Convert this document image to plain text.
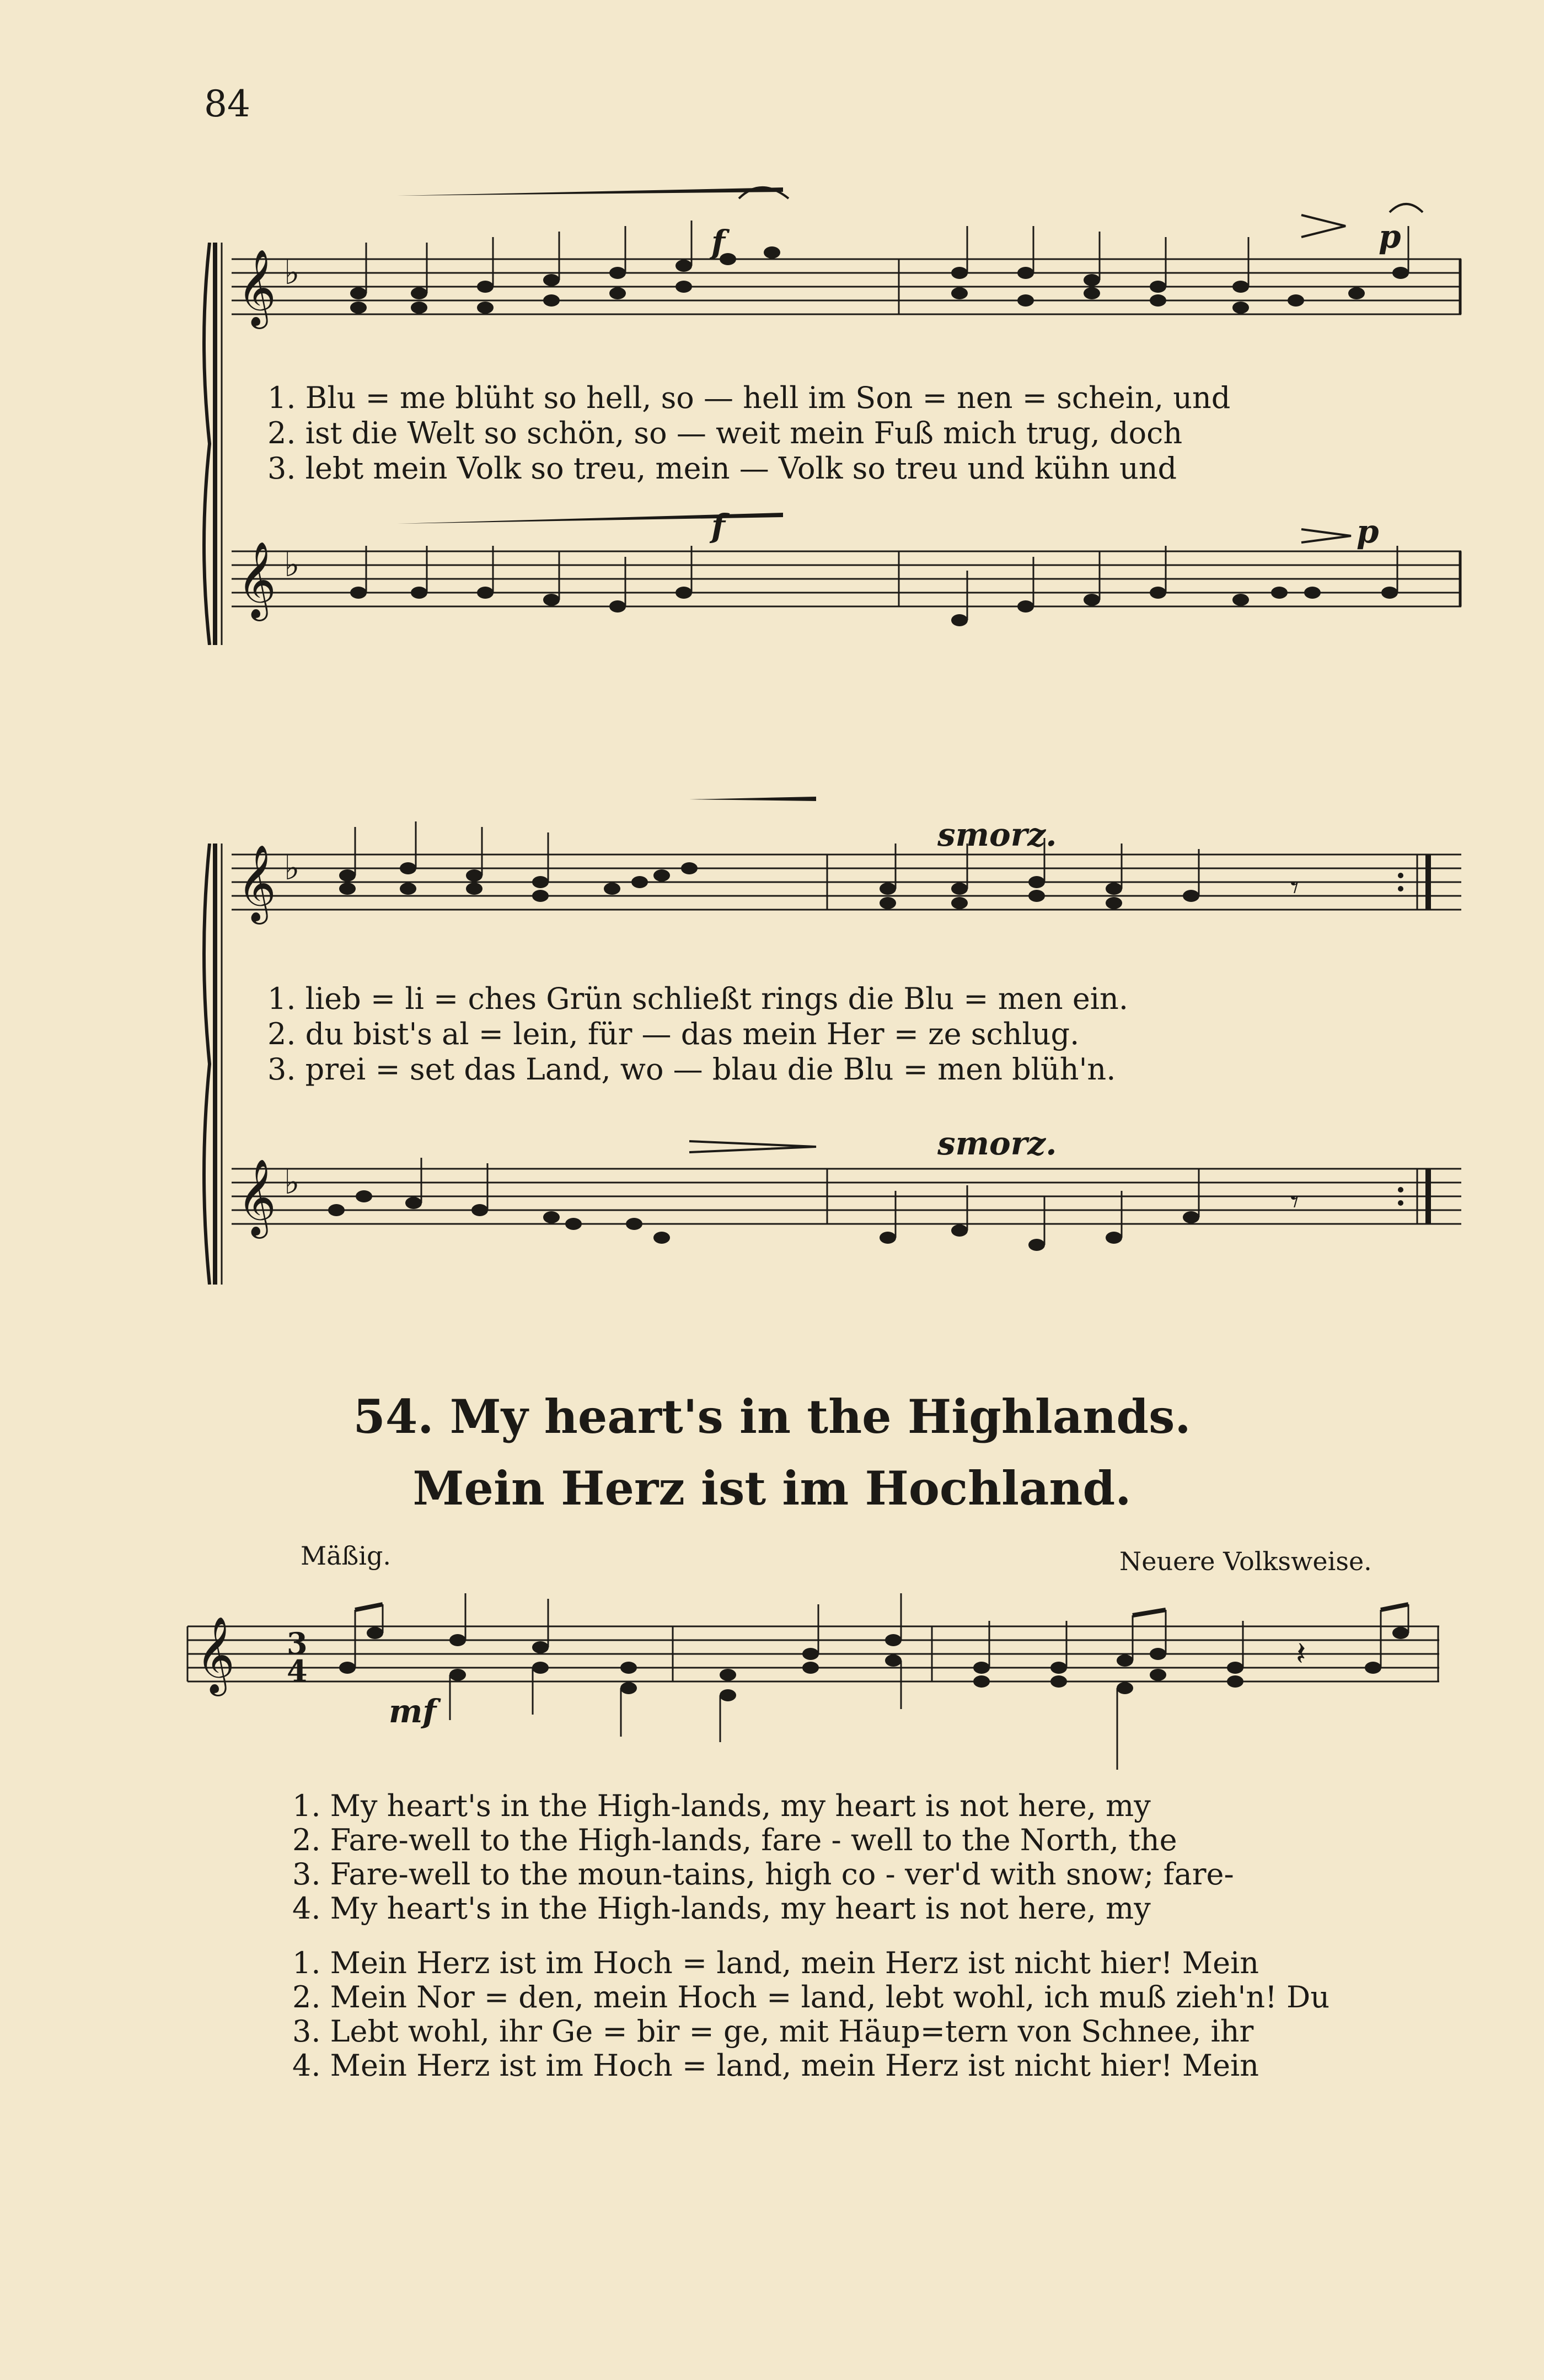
84
𝄞 ♭
f	p
1. Blu = me blüht so hell, so — hell im Son = nen = schein, und
2. ist die Welt so schön, so — weit mein Fuß mich trug, doch
3. lebt mein Volk so treu, mein — Volk so treu und kühn und
𝄞 ♭
f	p
𝄞 ♭	𝄾
smorz.
1. lieb = li = ches Grün schließt rings die Blu = men ein.
2. du bist's al = lein, für — das mein Her = ze schlug.
3. prei = set das Land, wo — blau die Blu = men blüh'n.
𝄞 ♭	𝄾
smorz.
54. My heart's in the Highlands.
Mein Herz ist im Hochland.
Mäßig.	Neuere Volksweise.
𝄞 3
4	𝄽
mf
1. My heart's in the High-lands, my heart is not here, my
2. Fare-well to the High-lands, fare - well to the North, the
3. Fare-well to the moun-tains, high co - ver'd with snow; fare-
4. My heart's in the High-lands, my heart is not here, my
1. Mein Herz ist im Hoch = land, mein Herz ist nicht hier! Mein
2. Mein Nor = den, mein Hoch = land, lebt wohl, ich muß zieh'n! Du
3. Lebt wohl, ihr Ge = bir = ge, mit Häup=tern von Schnee, ihr
4. Mein Herz ist im Hoch = land, mein Herz ist nicht hier! Mein
